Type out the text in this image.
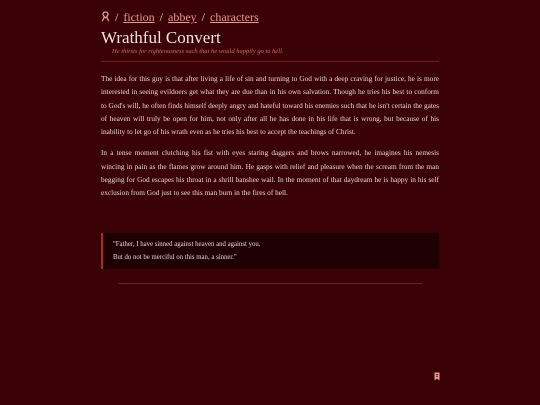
/ fiction / abbey / characters
Wrathful Convert
He thirsts for righteousness such that he would happily go to hell.

The idea for this guy is that after living a life of sin and turning to God with a deep craving for justice, he is more interested in seeing evildoers get what they are due than in his own salvation. Though he tries his best to conform to God's will, he often finds himself deeply angry and hateful toward his enemies such that he isn't certain the gates of heaven will truly be open for him, not only after all he has done in his life that is wrong, but because of his inability to let go of his wrath even as he tries his best to accept the teachings of Christ.

In a tense moment clutching his fist with eyes staring daggers and brows narrowed, he imagines his nemesis wincing in pain as the flames grow around him. He gasps with relief and pleasure when the scream from the man begging for God escapes his throat in a shrill banshee wail. In the moment of that daydream he is happy in his self exclusion from God just to see this man burn in the fires of hell.

"Father, I have sinned against heaven and against you.
But do not be merciful on this man, a sinner."
